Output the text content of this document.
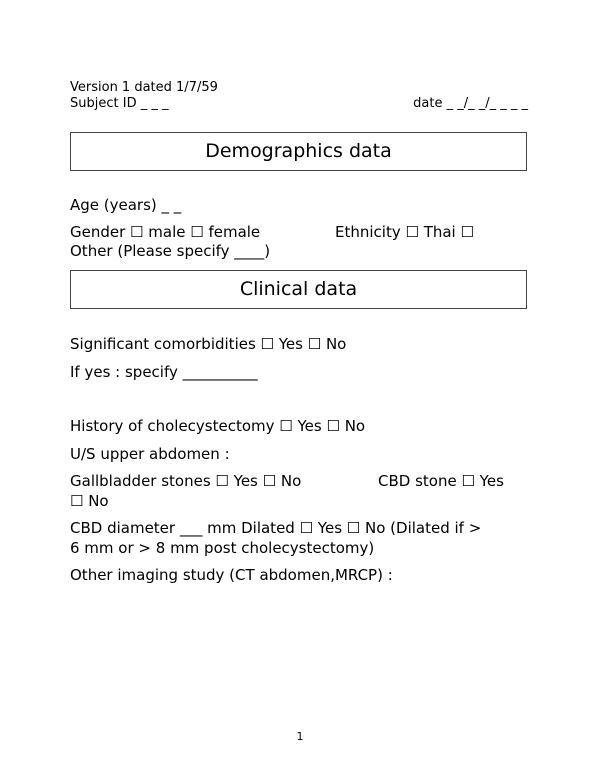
Version 1 dated 1/7/59
Subject ID _ _ _	date _ _/_ _/_ _ _ _
Demographics data
Age (years) _ _
Gender ☐ male ☐ female	Ethnicity ☐ Thai ☐
Other (Please specify ____)
Clinical data
Significant comorbidities ☐ Yes ☐ No
If yes : specify __________
History of cholecystectomy ☐ Yes ☐ No
U/S upper abdomen :
Gallbladder stones ☐ Yes ☐ No	CBD stone ☐ Yes
☐ No
CBD diameter ___ mm Dilated ☐ Yes ☐ No (Dilated if >
6 mm or > 8 mm post cholecystectomy)
Other imaging study (CT abdomen,MRCP) :
1
